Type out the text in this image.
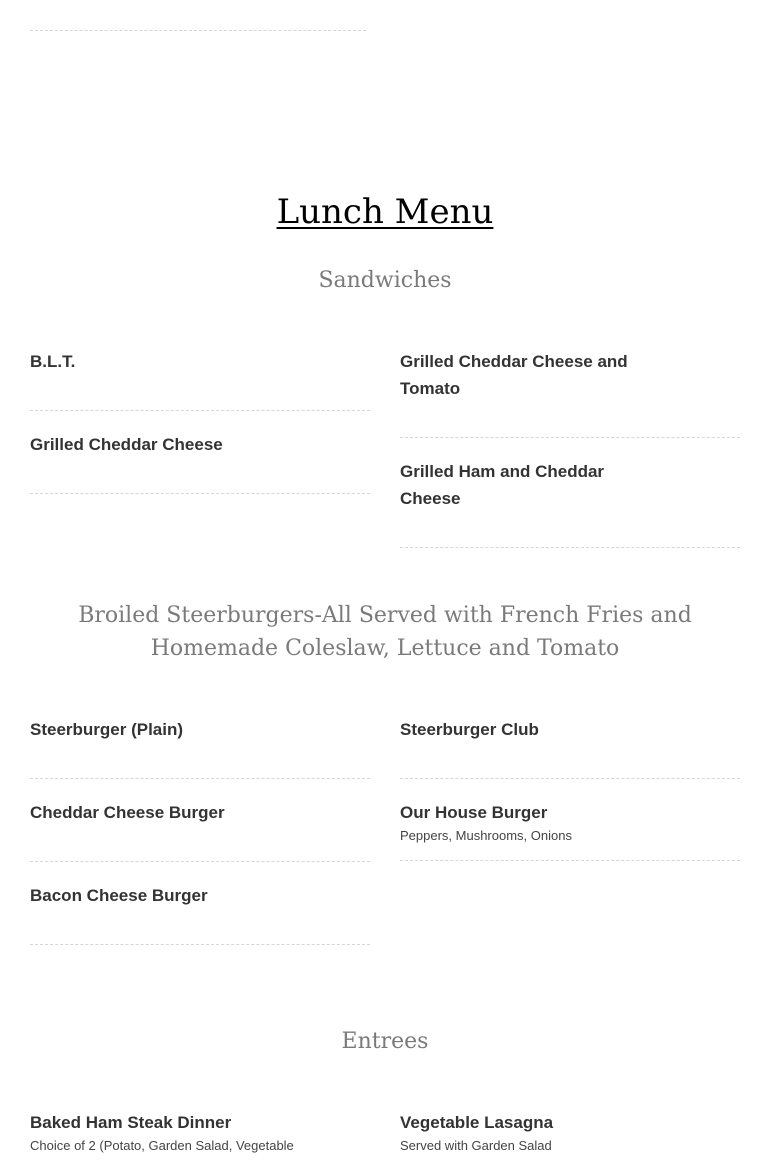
Lunch Menu
Sandwiches

B.L.T.

Grilled Cheddar Cheese

Grilled Cheddar Cheese and Tomato

Grilled Ham and Cheddar Cheese

Broiled Steerburgers-All Served with French Fries and Homemade Coleslaw, Lettuce and Tomato

Steerburger (Plain)

Cheddar Cheese Burger

Bacon Cheese Burger

Steerburger Club

Our House Burger

Peppers, Mushrooms, Onions

Entrees

Baked Ham Steak Dinner

Choice of 2 (Potato, Garden Salad, Vegetable

Vegetable Lasagna

Served with Garden Salad
